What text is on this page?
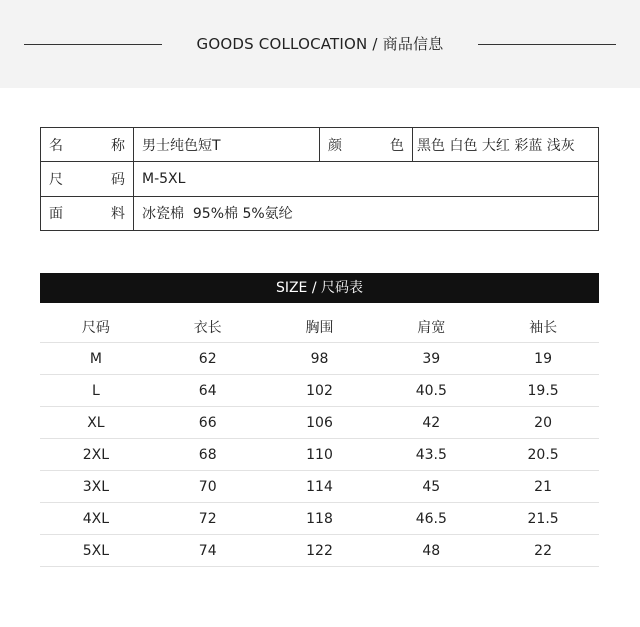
GOODS COLLOCATION / 商品信息
名 称	男士纯色短T	颜 色	黑色 白色 大红 彩蓝 浅灰

尺 码	M-5XL		

面 料	冰瓷棉  95%棉 5%氨纶		
SIZE / 尺码表
尺码	衣长	胸围	肩宽	袖长
M	62	98	39	19
L	64	102	40.5	19.5
XL	66	106	42	20
2XL	68	110	43.5	20.5
3XL	70	114	45	21
4XL	72	118	46.5	21.5
5XL	74	122	48	22
